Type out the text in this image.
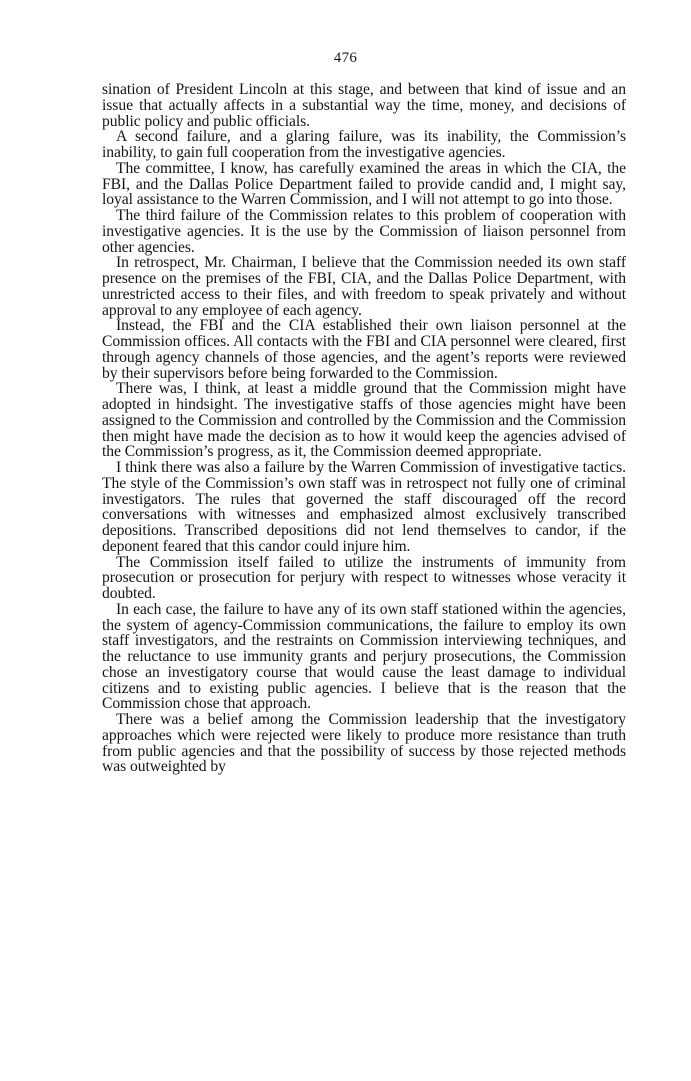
476

sination of President Lincoln at this stage, and between that kind of issue and an issue that actually affects in a substantial way the time, money, and decisions of public policy and public officials.

A second failure, and a glaring failure, was its inability, the Commission’s inability, to gain full cooperation from the investigative agencies.

The committee, I know, has carefully examined the areas in which the CIA, the FBI, and the Dallas Police Department failed to provide candid and, I might say, loyal assistance to the Warren Commission, and I will not attempt to go into those.

The third failure of the Commission relates to this problem of cooperation with investigative agencies. It is the use by the Commission of liaison personnel from other agencies.

In retrospect, Mr. Chairman, I believe that the Commission needed its own staff presence on the premises of the FBI, CIA, and the Dallas Police Department, with unrestricted access to their files, and with freedom to speak privately and without approval to any employee of each agency.

Instead, the FBI and the CIA established their own liaison personnel at the Commission offices. All contacts with the FBI and CIA personnel were cleared, first through agency channels of those agencies, and the agent’s reports were reviewed by their supervisors before being forwarded to the Commission.

There was, I think, at least a middle ground that the Commission might have adopted in hindsight. The investigative staffs of those agencies might have been assigned to the Commission and controlled by the Commission and the Commission then might have made the decision as to how it would keep the agencies advised of the Commission’s progress, as it, the Commission deemed appropriate.

I think there was also a failure by the Warren Commission of investigative tactics. The style of the Commission’s own staff was in retrospect not fully one of criminal investigators. The rules that governed the staff discouraged off the record conversations with witnesses and emphasized almost exclusively transcribed depositions. Transcribed depositions did not lend themselves to candor, if the deponent feared that this candor could injure him.

The Commission itself failed to utilize the instruments of immunity from prosecution or prosecution for perjury with respect to witnesses whose veracity it doubted.

In each case, the failure to have any of its own staff stationed within the agencies, the system of agency-Commission communications, the failure to employ its own staff investigators, and the restraints on Commission interviewing techniques, and the reluctance to use immunity grants and perjury prosecutions, the Commission chose an investigatory course that would cause the least damage to individual citizens and to existing public agencies. I believe that is the reason that the Commission chose that approach.

There was a belief among the Commission leadership that the investigatory approaches which were rejected were likely to produce more resistance than truth from public agencies and that the possibility of success by those rejected methods was outweighted by
